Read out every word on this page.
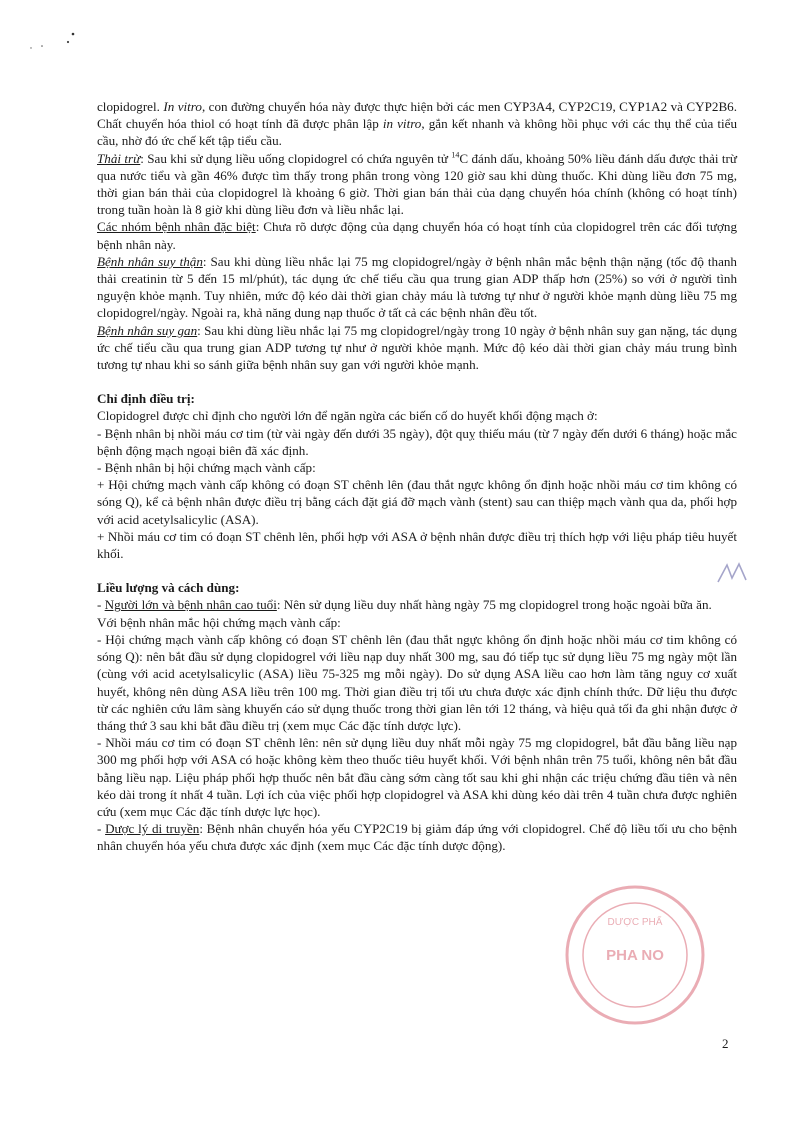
clopidogrel. In vitro, con đường chuyển hóa này được thực hiện bởi các men CYP3A4, CYP2C19, CYP1A2 và CYP2B6. Chất chuyển hóa thiol có hoạt tính đã được phân lập in vitro, gắn kết nhanh và không hồi phục với các thụ thể của tiểu cầu, nhờ đó ức chế kết tập tiểu cầu.

Thải trừ: Sau khi sử dụng liều uống clopidogrel có chứa nguyên tử $^{14}$C đánh dấu, khoảng 50% liều đánh dấu được thải trừ qua nước tiểu và gần 46% được tìm thấy trong phân trong vòng 120 giờ sau khi dùng thuốc. Khi dùng liều đơn 75 mg, thời gian bán thải của clopidogrel là khoảng 6 giờ. Thời gian bán thải của dạng chuyển hóa chính (không có hoạt tính) trong tuần hoàn là 8 giờ khi dùng liều đơn và liều nhắc lại.

Các nhóm bệnh nhân đặc biệt: Chưa rõ dược động của dạng chuyển hóa có hoạt tính của clopidogrel trên các đối tượng bệnh nhân này.

Bệnh nhân suy thận: Sau khi dùng liều nhắc lại 75 mg clopidogrel/ngày ở bệnh nhân mắc bệnh thận nặng (tốc độ thanh thải creatinin từ 5 đến 15 ml/phút), tác dụng ức chế tiểu cầu qua trung gian ADP thấp hơn (25%) so với ở người tình nguyện khỏe mạnh. Tuy nhiên, mức độ kéo dài thời gian chảy máu là tương tự như ở người khỏe mạnh dùng liều 75 mg clopidogrel/ngày. Ngoài ra, khả năng dung nạp thuốc ở tất cả các bệnh nhân đều tốt.

Bệnh nhân suy gan: Sau khi dùng liều nhắc lại 75 mg clopidogrel/ngày trong 10 ngày ở bệnh nhân suy gan nặng, tác dụng ức chế tiểu cầu qua trung gian ADP tương tự như ở người khỏe mạnh. Mức độ kéo dài thời gian chảy máu trung bình tương tự nhau khi so sánh giữa bệnh nhân suy gan với người khỏe mạnh.

Chỉ định điều trị:

Clopidogrel được chỉ định cho người lớn để ngăn ngừa các biến cố do huyết khối động mạch ở:

- Bệnh nhân bị nhồi máu cơ tim (từ vài ngày đến dưới 35 ngày), đột quỵ thiếu máu (từ 7 ngày đến dưới 6 tháng) hoặc mắc bệnh động mạch ngoại biên đã xác định.

- Bệnh nhân bị hội chứng mạch vành cấp:

+ Hội chứng mạch vành cấp không có đoạn ST chênh lên (đau thắt ngực không ổn định hoặc nhồi máu cơ tim không có sóng Q), kể cả bệnh nhân được điều trị bằng cách đặt giá đỡ mạch vành (stent) sau can thiệp mạch vành qua da, phối hợp với acid acetylsalicylic (ASA).

+ Nhồi máu cơ tim có đoạn ST chênh lên, phối hợp với ASA ở bệnh nhân được điều trị thích hợp với liệu pháp tiêu huyết khối.

Liều lượng và cách dùng:

- Người lớn và bệnh nhân cao tuổi: Nên sử dụng liều duy nhất hàng ngày 75 mg clopidogrel trong hoặc ngoài bữa ăn.

Với bệnh nhân mắc hội chứng mạch vành cấp:

- Hội chứng mạch vành cấp không có đoạn ST chênh lên (đau thắt ngực không ổn định hoặc nhồi máu cơ tim không có sóng Q): nên bắt đầu sử dụng clopidogrel với liều nạp duy nhất 300 mg, sau đó tiếp tục sử dụng liều 75 mg ngày một lần (cùng với acid acetylsalicylic (ASA) liều 75-325 mg mỗi ngày). Do sử dụng ASA liều cao hơn làm tăng nguy cơ xuất huyết, không nên dùng ASA liều trên 100 mg. Thời gian điều trị tối ưu chưa được xác định chính thức. Dữ liệu thu được từ các nghiên cứu lâm sàng khuyến cáo sử dụng thuốc trong thời gian lên tới 12 tháng, và hiệu quả tối đa ghi nhận được ở tháng thứ 3 sau khi bắt đầu điều trị (xem mục Các đặc tính dược lực).

- Nhồi máu cơ tim có đoạn ST chênh lên: nên sử dụng liều duy nhất mỗi ngày 75 mg clopidogrel, bắt đầu bằng liều nạp 300 mg phối hợp với ASA có hoặc không kèm theo thuốc tiêu huyết khối. Với bệnh nhân trên 75 tuổi, không nên bắt đầu bằng liều nạp. Liệu pháp phối hợp thuốc nên bắt đầu càng sớm càng tốt sau khi ghi nhận các triệu chứng đầu tiên và nên kéo dài trong ít nhất 4 tuần. Lợi ích của việc phối hợp clopidogrel và ASA khi dùng kéo dài trên 4 tuần chưa được nghiên cứu (xem mục Các đặc tính dược lực học).

- Dược lý di truyền: Bệnh nhân chuyển hóa yếu CYP2C19 bị giảm đáp ứng với clopidogrel. Chế độ liều tối ưu cho bệnh nhân chuyển hóa yếu chưa được xác định (xem mục Các đặc tính dược động).

DƯỢC PHẨ
PHA NO
2
